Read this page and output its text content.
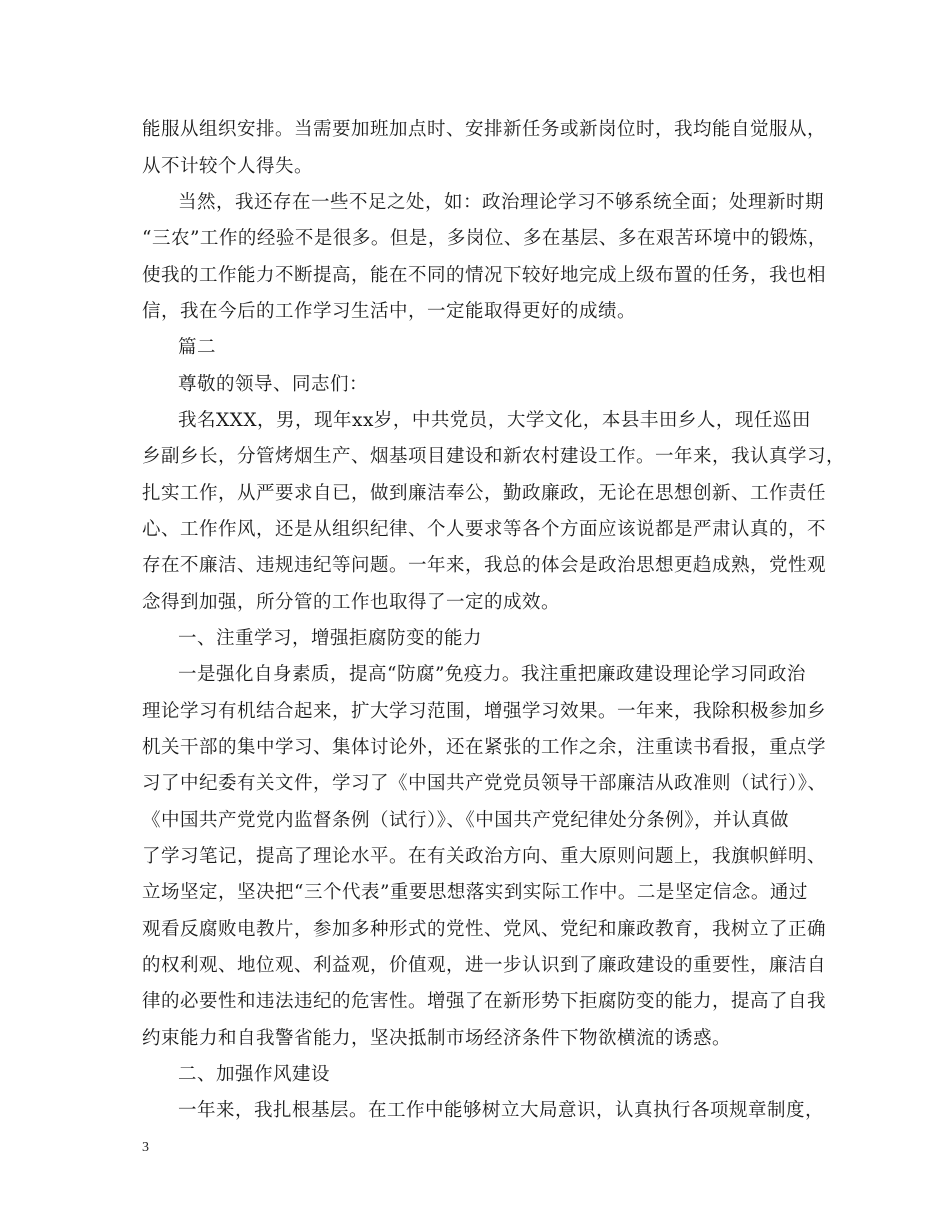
能服从组织安排。当需要加班加点时、安排新任务或新岗位时，我均能自觉服从，
从不计较个人得失。
当然，我还存在一些不足之处，如：政治理论学习不够系统全面；处理新时期
“三农”工作的经验不是很多。但是，多岗位、多在基层、多在艰苦环境中的锻炼，
使我的工作能力不断提高，能在不同的情况下较好地完成上级布置的任务，我也相
信，我在今后的工作学习生活中，一定能取得更好的成绩。
篇二
尊敬的领导、同志们：
我名XXX，男，现年xx岁，中共党员，大学文化，本县丰田乡人，现任巡田
乡副乡长，分管烤烟生产、烟基项目建设和新农村建设工作。一年来，我认真学习，
扎实工作，从严要求自已，做到廉洁奉公，勤政廉政，无论在思想创新、工作责任
心、工作作风，还是从组织纪律、个人要求等各个方面应该说都是严肃认真的，不
存在不廉洁、违规违纪等问题。一年来，我总的体会是政治思想更趋成熟，党性观
念得到加强，所分管的工作也取得了一定的成效。
一、注重学习，增强拒腐防变的能力
一是强化自身素质，提高“防腐”免疫力。我注重把廉政建设理论学习同政治
理论学习有机结合起来，扩大学习范围，增强学习效果。一年来，我除积极参加乡
机关干部的集中学习、集体讨论外，还在紧张的工作之余，注重读书看报，重点学
习了中纪委有关文件，学习了《中国共产党党员领导干部廉洁从政准则（试行）》、
《中国共产党党内监督条例（试行）》、《中国共产党纪律处分条例》，并认真做
了学习笔记，提高了理论水平。在有关政治方向、重大原则问题上，我旗帜鲜明、
立场坚定，坚决把“三个代表”重要思想落实到实际工作中。二是坚定信念。通过
观看反腐败电教片，参加多种形式的党性、党风、党纪和廉政教育，我树立了正确
的权利观、地位观、利益观，价值观，进一步认识到了廉政建设的重要性，廉洁自
律的必要性和违法违纪的危害性。增强了在新形势下拒腐防变的能力，提高了自我
约束能力和自我警省能力，坚决抵制市场经济条件下物欲横流的诱惑。
二、加强作风建设
一年来，我扎根基层。在工作中能够树立大局意识，认真执行各项规章制度，
3
